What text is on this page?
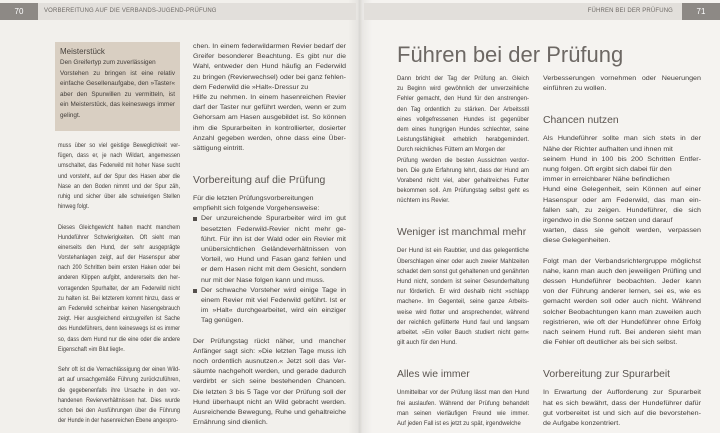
70	VORBEREITUNG AUF DIE VERBANDS-JUGEND-PRÜFUNG	FÜHREN BEI DER PRÜFUNG	71
Meisterstück
Den Greifertyp zum zuverlässigen
Vorstehen zu bringen ist eine relativ
einfache Gesellenaufgabe, den »Taster«
aber den Spurwillen zu vermitteln, ist
ein Meisterstück, das keineswegs immer
gelingt.
muss über so viel geistige Beweglichkeit ver-
fügen, dass er, je nach Wildart, angemessen
umschaltet, das Federwild mit hoher Nase sucht
und vorsteht, auf der Spur des Hasen aber die
Nase an den Boden nimmt und der Spur zäh,
ruhig und sicher über alle schwierigen Stellen
hinweg folgt.
Dieses Gleichgewicht halten macht manchem
Hundeführer Schwierigkeiten. Oft sieht man
einerseits den Hund, der sehr ausgeprägte
Vorstehanlagen zeigt, auf der Hasenspur aber
nach 200 Schritten beim ersten Haken oder bei
anderen Klippen aufgibt, andererseits den her-
vorragenden Spurhalter, der am Federwild nicht
zu halten ist. Bei letzterem kommt hinzu, dass er
am Federwild scheinbar keinen Nasengebrauch
zeigt. Hier ausgleichend einzugreifen ist Sache
des Hundeführers, denn keineswegs ist es immer
so, dass dem Hund nur die eine oder die andere
Eigenschaft »im Blut liegt«.
Sehr oft ist die Vernachlässigung der einen Wild-
art auf unsachgemäße Führung zurückzuführen,
die gegebenenfalls ihre Ursache in den vor-
handenen Revierverhältnissen hat. Dies wurde
schon bei den Ausführungen über die Führung
der Hunde in der hasenreichen Ebene angespro-
chen. In einem federwildarmen Revier bedarf der
Greifer besonderer Beachtung. Es gibt nur die
Wahl, entweder den Hund häufig an Federwild
zu bringen (Revierwechsel) oder bei ganz fehlen-
dem Federwild die »Halt«-Dressur zu
Hilfe zu nehmen. In einem hasenreichen Revier
darf der Taster nur geführt werden, wenn er zum
Gehorsam am Hasen ausgebildet ist. So können
ihm die Spurarbeiten in kontrollierter, dosierter
Anzahl gegeben werden, ohne dass eine Über-
sättigung eintritt.
Vorbereitung auf die Prüfung
Für die letzten Prüfungsvorbereitungen
empfiehlt sich folgende Vorgehensweise:
Der unzureichende Spurarbeiter wird im gut
besetzten Federwild-Revier nicht mehr ge-
führt. Für ihn ist der Wald oder ein Revier mit
unübersichtlichen Geländeverhältnissen von
Vorteil, wo Hund und Fasan ganz fehlen und
er dem Hasen nicht mit dem Gesicht, sondern
nur mit der Nase folgen kann und muss.
Der schwache Vorsteher wird einige Tage in
einem Revier mit viel Federwild geführt. Ist er
im »Halt« durchgearbeitet, wird ein einziger
Tag genügen.
Der Prüfungstag rückt näher, und mancher
Anfänger sagt sich: »Die letzten Tage muss ich
noch ordentlich ausnutzen.« Jetzt soll das Ver-
säumte nachgeholt werden, und gerade dadurch
verdirbt er sich seine bestehenden Chancen.
Die letzten 3 bis 5 Tage vor der Prüfung soll der
Hund überhaupt nicht an Wild gebracht werden.
Ausreichende Bewegung, Ruhe und gehaltreiche
Ernährung sind dienlich.
Führen bei der Prüfung
Dann bricht der Tag der Prüfung an. Gleich
zu Beginn wird gewöhnlich der unverzeihliche
Fehler gemacht, den Hund für den anstrengen-
den Tag ordentlich zu stärken. Der Arbeitsstil
eines vollgefressenen Hundes ist gegenüber
dem eines hungrigen Hundes schlechter, seine
Leistungsfähigkeit erheblich herabgemindert.
Durch reichliches Füttern am Morgen der
Prüfung werden die besten Aussichten verdor-
ben. Die gute Erfahrung lehrt, dass der Hund am
Vorabend nicht viel, aber gehaltreiches Futter
bekommen soll. Am Prüfungstag selbst geht es
nüchtern ins Revier.
Weniger ist manchmal mehr
Der Hund ist ein Raubtier, und das gelegentliche
Überschlagen einer oder auch zweier Mahlzeiten
schadet dem sonst gut gehaltenen und genährten
Hund nicht, sondern ist seiner Gesunderhaltung
nur förderlich. Er wird deshalb nicht »schlapp
machen«. Im Gegenteil, seine ganze Arbeits-
weise wird flotter und ansprechender, während
der reichlich gefütterte Hund faul und langsam
arbeitet. »Ein voller Bauch studiert nicht gern«
gilt auch für den Hund.
Alles wie immer
Unmittelbar vor der Prüfung lässt man den Hund
frei auslaufen. Während der Prüfung behandelt
man seinen vierläufigen Freund wie immer.
Auf jeden Fall ist es jetzt zu spät, irgendwelche
Verbesserungen vornehmen oder Neuerungen
einführen zu wollen.
Chancen nutzen
Als Hundeführer sollte man sich stets in der
Nähe der Richter aufhalten und ihnen mit
seinem Hund in 100 bis 200 Schritten Entfer-
nung folgen. Oft ergibt sich dabei für den
immer in erreichbarer Nähe befindlichen
Hund eine Gelegenheit, sein Können auf einer
Hasenspur oder am Federwild, das man ein-
fallen sah, zu zeigen. Hundeführer, die sich
irgendwo in die Sonne setzen und darauf
warten, dass sie geholt werden, verpassen
diese Gelegenheiten.
Folgt man der Verbandsrichtergruppe möglichst
nahe, kann man auch den jeweiligen Prüfling und
dessen Hundeführer beobachten. Jeder kann
von der Führung anderer lernen, sei es, wie es
gemacht werden soll oder auch nicht. Während
solcher Beobachtungen kann man zuweilen auch
registrieren, wie oft der Hundeführer ohne Erfolg
nach seinem Hund ruft. Bei anderen sieht man
die Fehler oft deutlicher als bei sich selbst.
Vorbereitung zur Spurarbeit
In Erwartung der Aufforderung zur Spurarbeit
hat es sich bewährt, dass der Hundeführer dafür
gut vorbereitet ist und sich auf die bevorstehen-
de Aufgabe konzentriert.
